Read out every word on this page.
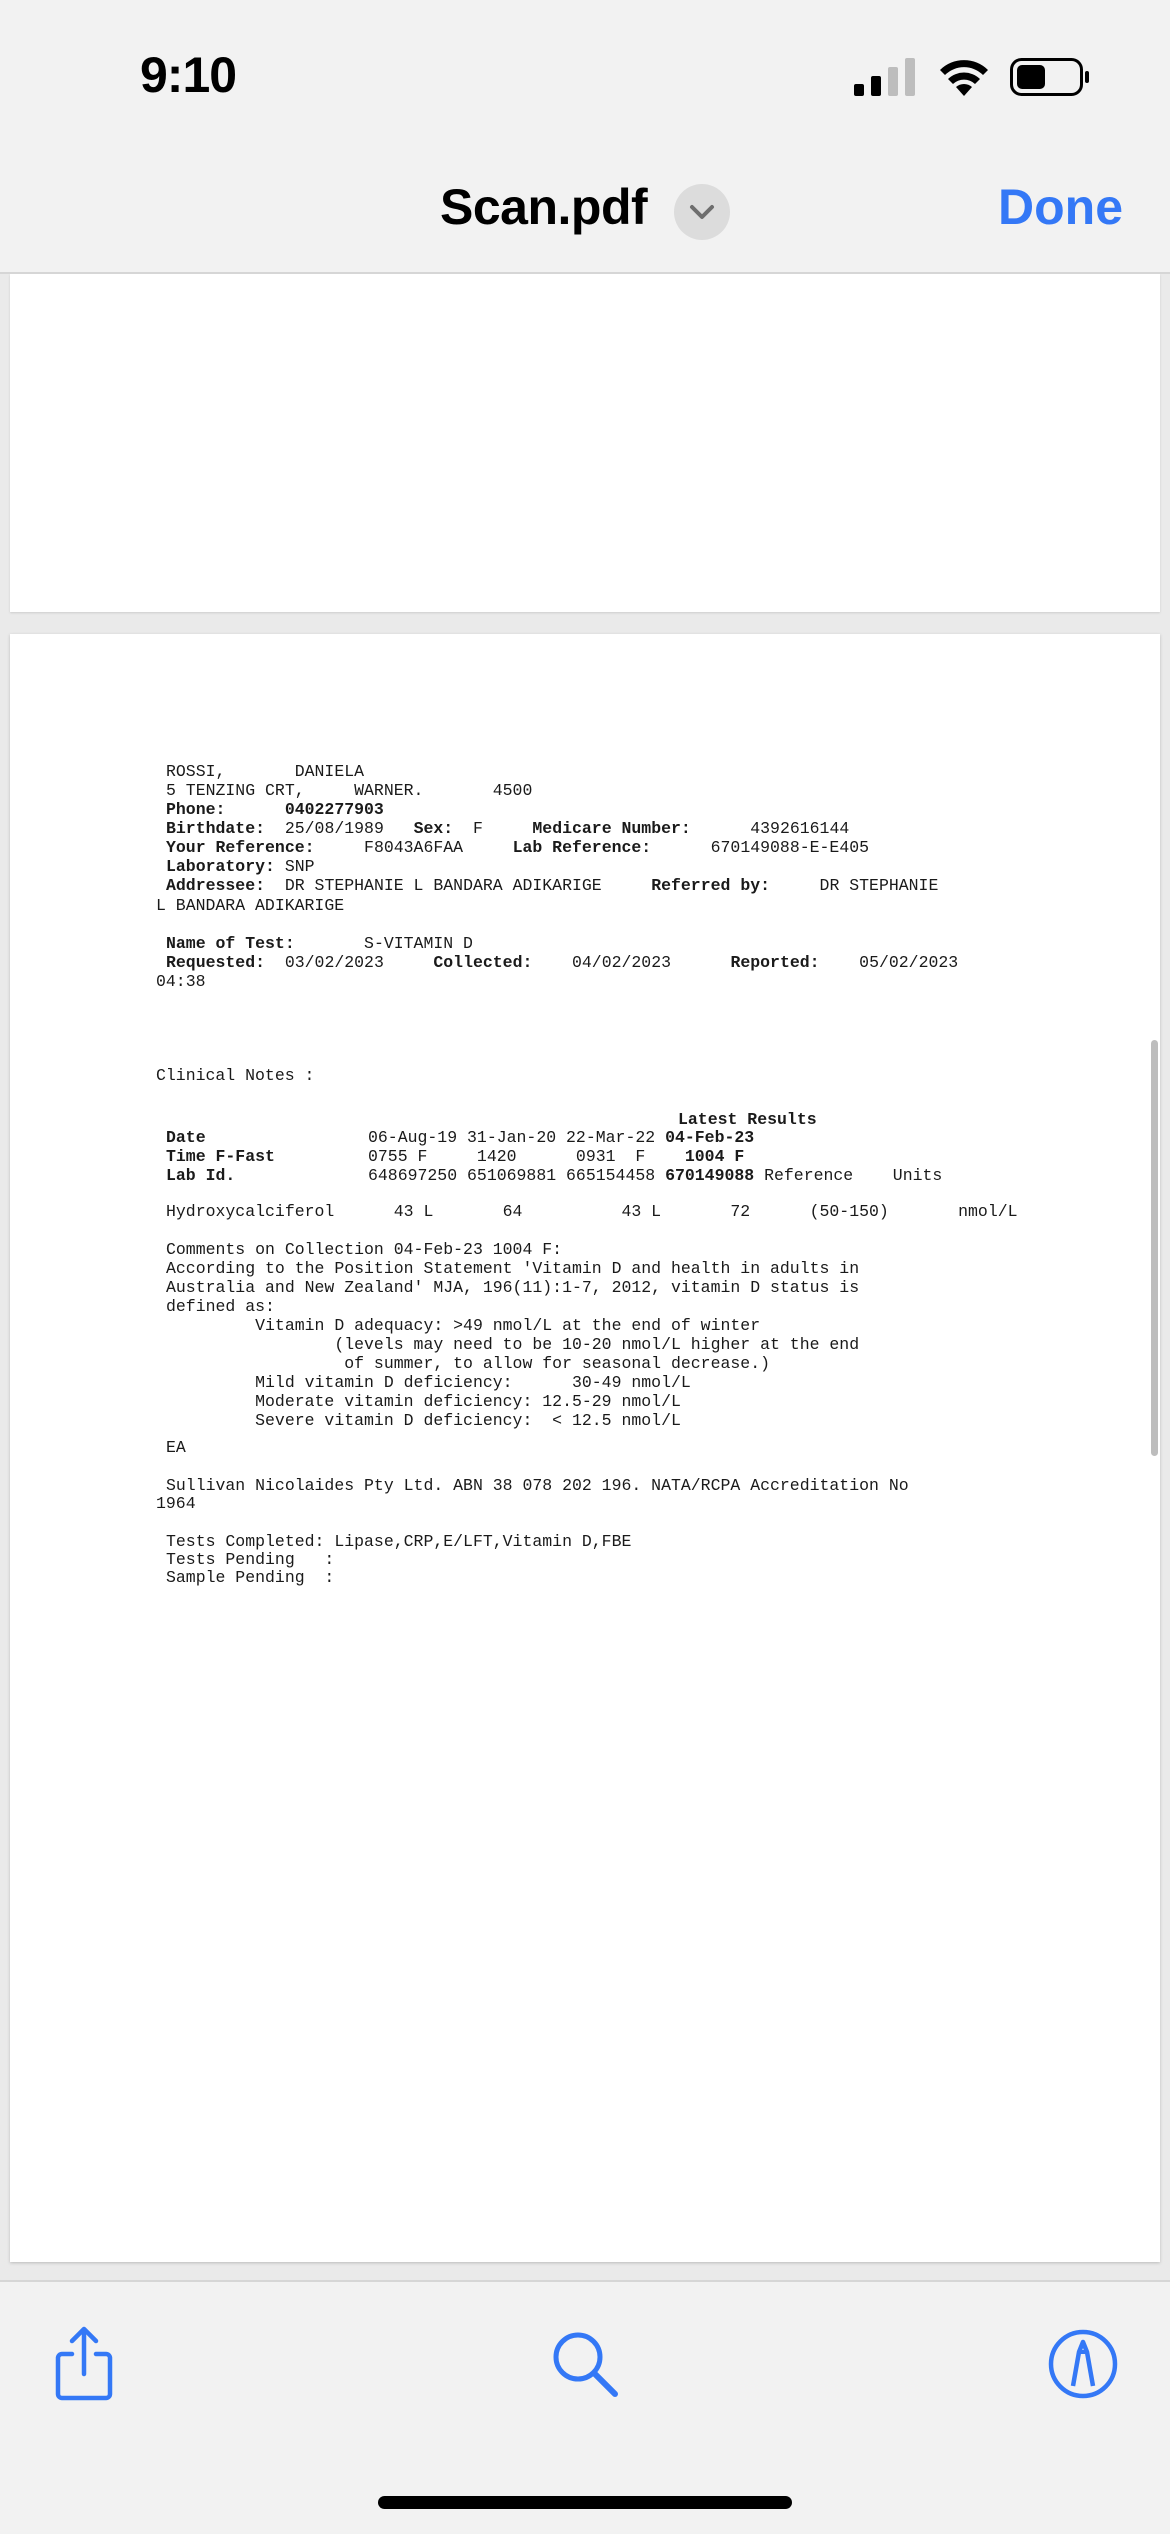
9:10
Scan.pdf	Done
ROSSI,       DANIELA
5 TENZING CRT,     WARNER.       4500
Phone:      0402277903
Birthdate:  25/08/1989   Sex:  F     Medicare Number:      4392616144
Your Reference:     F8043A6FAA     Lab Reference:      670149088-E-E405
Laboratory: SNP
Addressee:  DR STEPHANIE L BANDARA ADIKARIGE     Referred by:     DR STEPHANIE
L BANDARA ADIKARIGE
Name of Test:       S-VITAMIN D
Requested:  03/02/2023     Collected:    04/02/2023      Reported:    05/02/2023
04:38
Clinical Notes :
Latest Results
Date	06-Aug-19 31-Jan-20 22-Mar-22 04-Feb-23
Time F-Fast	0755 F     1420      0931  F    1004 F
Lab Id.	648697250 651069881 665154458 670149088 Reference    Units
Hydroxycalciferol      43 L       64          43 L       72      (50-150)       nmol/L
Comments on Collection 04-Feb-23 1004 F:
According to the Position Statement 'Vitamin D and health in adults in
Australia and New Zealand' MJA, 196(11):1-7, 2012, vitamin D status is
defined as:
Vitamin D adequacy: >49 nmol/L at the end of winter
(levels may need to be 10-20 nmol/L higher at the end
of summer, to allow for seasonal decrease.)
Mild vitamin D deficiency:      30-49 nmol/L
Moderate vitamin deficiency: 12.5-29 nmol/L
Severe vitamin D deficiency:  < 12.5 nmol/L
EA
Sullivan Nicolaides Pty Ltd. ABN 38 078 202 196. NATA/RCPA Accreditation No
1964
Tests Completed: Lipase,CRP,E/LFT,Vitamin D,FBE
Tests Pending   :
Sample Pending  :
